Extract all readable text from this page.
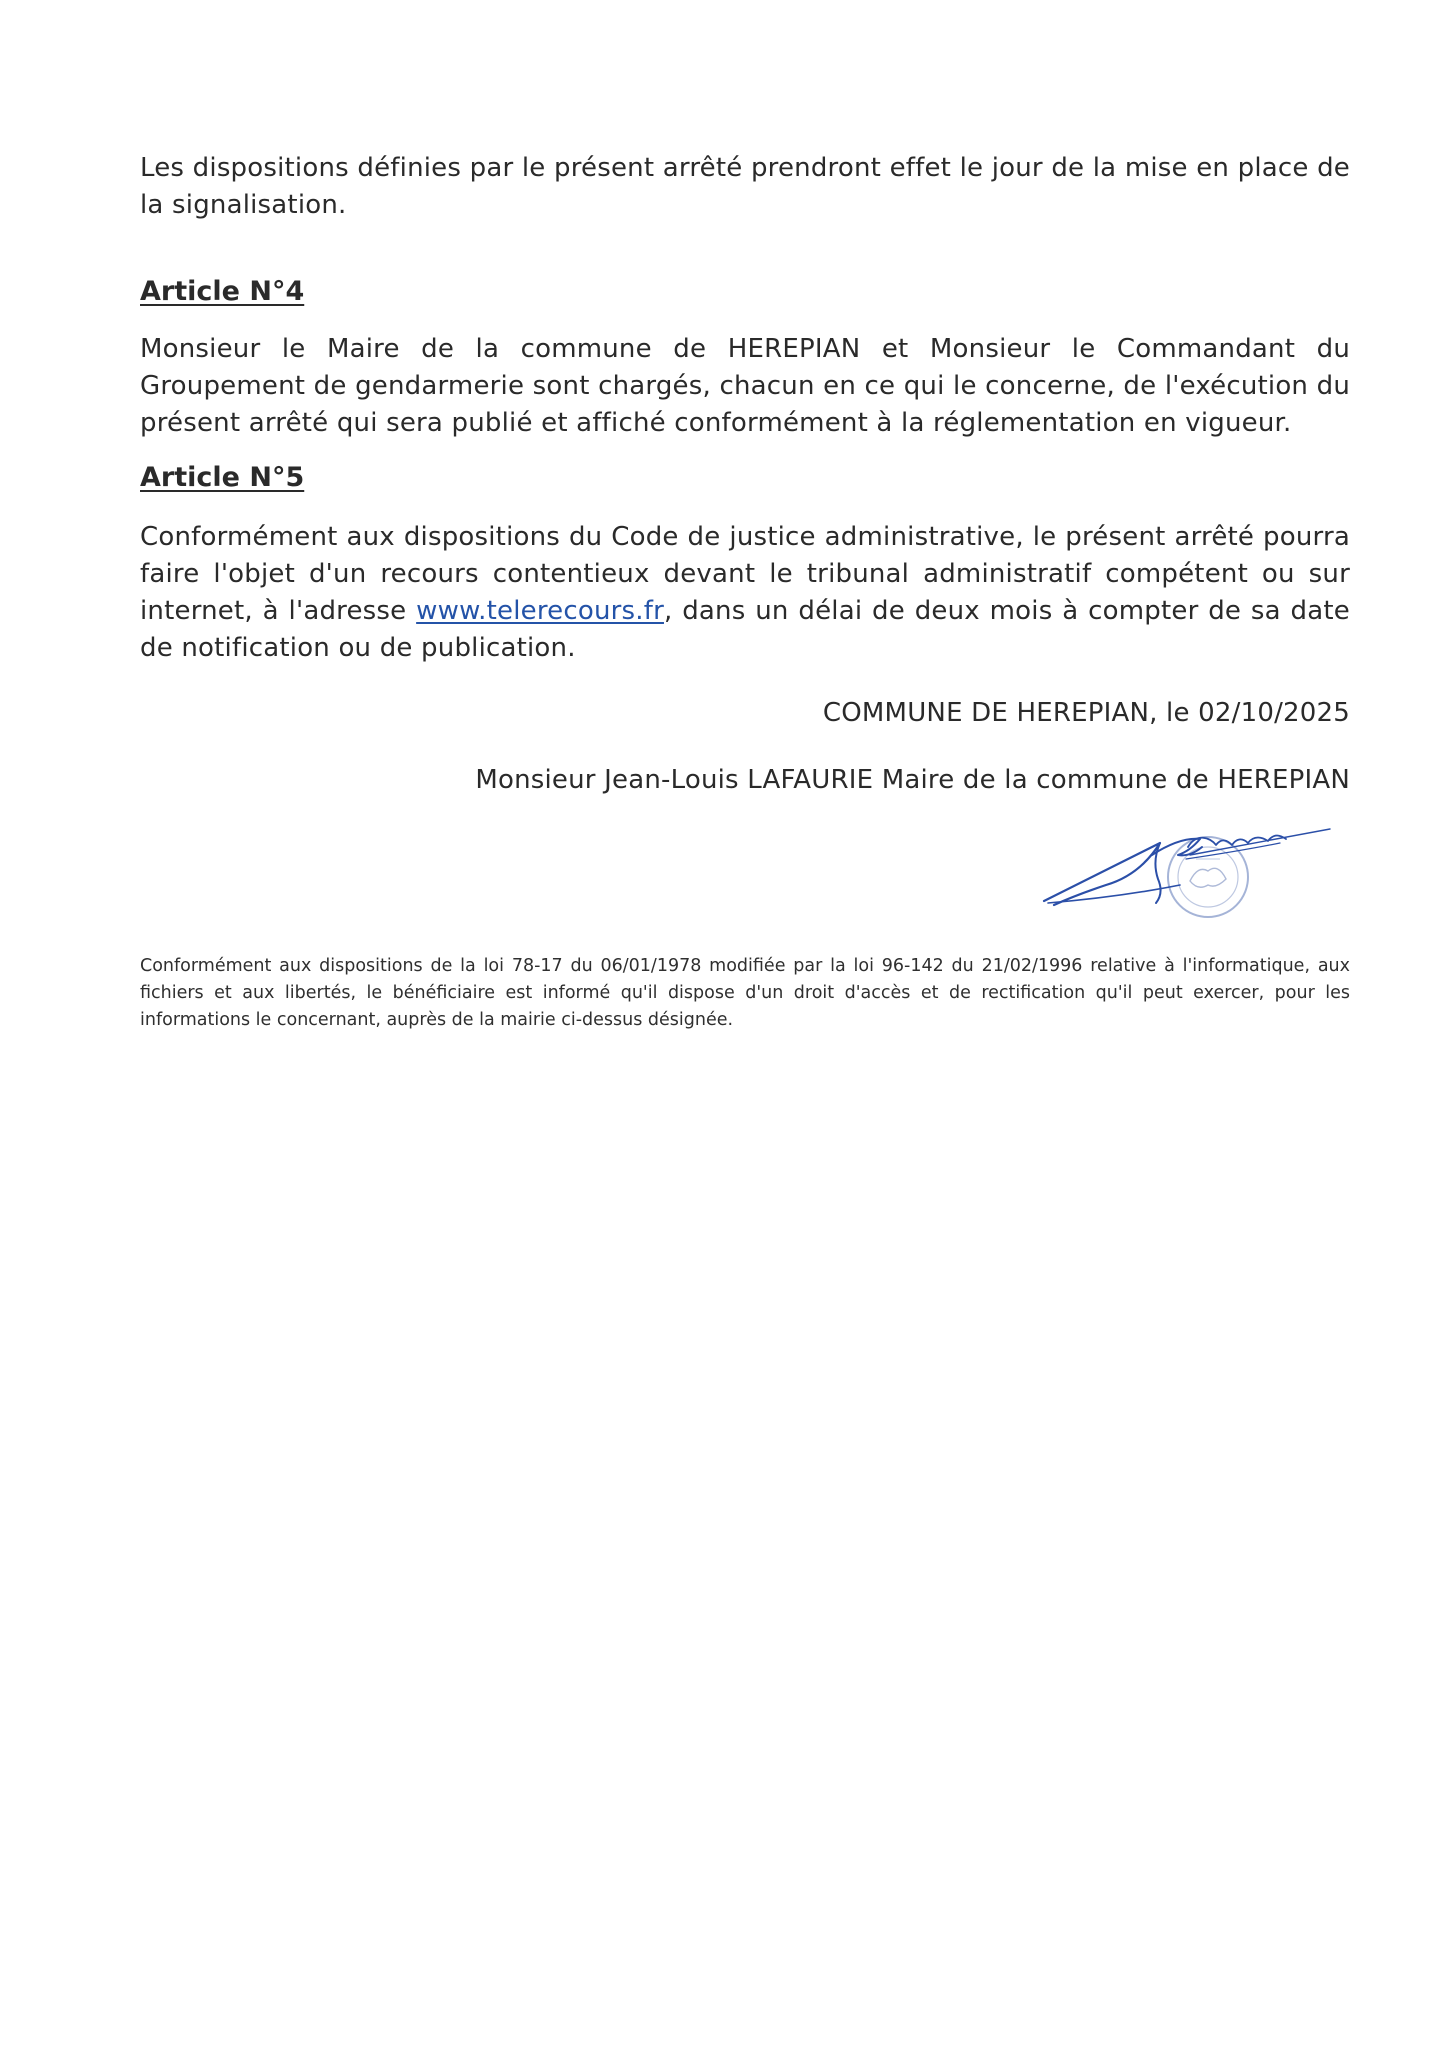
Les dispositions définies par le présent arrêté prendront effet le jour de la mise en place de la signalisation.

Article N°4

Monsieur le Maire de la commune de HEREPIAN et Monsieur le Commandant du Groupement de gendarmerie sont chargés, chacun en ce qui le concerne, de l'exécution du présent arrêté qui sera publié et affiché conformément à la réglementation en vigueur.

Article N°5

Conformément aux dispositions du Code de justice administrative, le présent arrêté pourra faire l'objet d'un recours contentieux devant le tribunal administratif compétent ou sur internet, à l'adresse www.telerecours.fr, dans un délai de deux mois à compter de sa date de notification ou de publication.

COMMUNE DE HEREPIAN, le 02/10/2025

Monsieur Jean-Louis LAFAURIE Maire de la commune de HEREPIAN

Conformément aux dispositions de la loi 78-17 du 06/01/1978 modifiée par la loi 96-142 du 21/02/1996 relative à l'informatique, aux fichiers et aux libertés, le bénéficiaire est informé qu'il dispose d'un droit d'accès et de rectification qu'il peut exercer, pour les informations le concernant, auprès de la mairie ci-dessus désignée.
